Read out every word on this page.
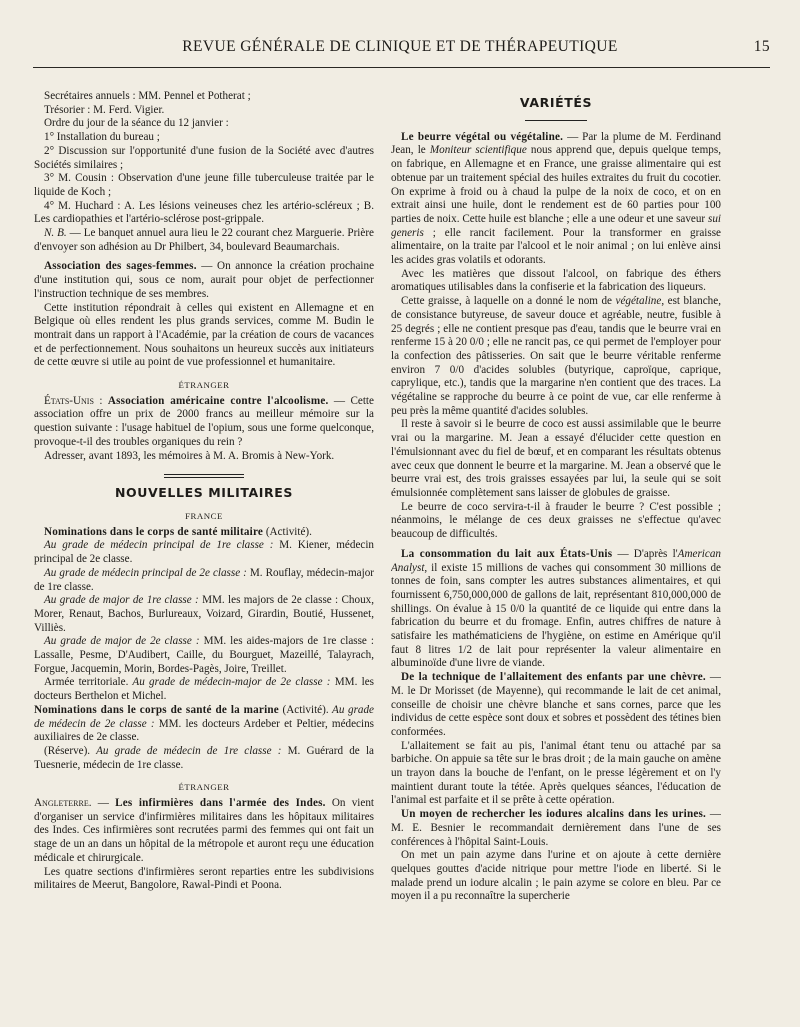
REVUE GÉNÉRALE DE CLINIQUE ET DE THÉRAPEUTIQUE	15

Secrétaires annuels : MM. Pennel et Potherat ;

Trésorier : M. Ferd. Vigier.

Ordre du jour de la séance du 12 janvier :

1° Installation du bureau ;

2° Discussion sur l'opportunité d'une fusion de la Société avec d'autres Sociétés similaires ;

3° M. Cousin : Observation d'une jeune fille tuberculeuse traitée par le liquide de Koch ;

4° M. Huchard : A. Les lésions veineuses chez les artério-scléreux ; B. Les cardiopathies et l'artério-sclérose post-grippale.

N. B. — Le banquet annuel aura lieu le 22 courant chez Marguerie. Prière d'envoyer son adhésion au Dr Philbert, 34, boulevard Beaumarchais.

Association des sages-femmes. — On annonce la création prochaine d'une institution qui, sous ce nom, aurait pour objet de perfectionner l'instruction technique de ses membres.

Cette institution répondrait à celles qui existent en Allemagne et en Belgique où elles rendent les plus grands services, comme M. Budin le montrait dans un rapport à l'Académie, par la création de cours de vacances et de perfectionnement. Nous souhaitons un heureux succès aux initiateurs de cette œuvre si utile au point de vue professionnel et humanitaire.

ÉTRANGER

États-Unis : Association américaine contre l'alcoolisme. — Cette association offre un prix de 2000 francs au meilleur mémoire sur la question suivante : l'usage habituel de l'opium, sous une forme quelconque, provoque-t-il des troubles organiques du rein ?

Adresser, avant 1893, les mémoires à M. A. Bromis à New-York.

NOUVELLES MILITAIRES
FRANCE

Nominations dans le corps de santé militaire (Activité).

Au grade de médecin principal de 1re classe : M. Kiener, médecin principal de 2e classe.

Au grade de médecin principal de 2e classe : M. Rouflay, médecin-major de 1re classe.

Au grade de major de 1re classe : MM. les majors de 2e classe : Choux, Morer, Renaut, Bachos, Burlureaux, Voizard, Girardin, Boutié, Hussenet, Villiès.

Au grade de major de 2e classe : MM. les aides-majors de 1re classe : Lassalle, Pesme, D'Audibert, Caille, du Bourguet, Mazeillé, Talayrach, Forgue, Jacquemin, Morin, Bordes-Pagès, Joire, Treillet.

Armée territoriale. Au grade de médecin-major de 2e classe : MM. les docteurs Berthelon et Michel.

Nominations dans le corps de santé de la marine (Activité). Au grade de médecin de 2e classe : MM. les docteurs Ardeber et Peltier, médecins auxiliaires de 2e classe.

(Réserve). Au grade de médecin de 1re classe : M. Guérard de la Tuesnerie, médecin de 1re classe.

ÉTRANGER

Angleterre. — Les infirmières dans l'armée des Indes. On vient d'organiser un service d'infirmières militaires dans les hôpitaux militaires des Indes. Ces infirmières sont recrutées parmi des femmes qui ont fait un stage de un an dans un hôpital de la métropole et auront reçu une éducation médicale et chirurgicale.

Les quatre sections d'infirmières seront reparties entre les subdivisions militaires de Meerut, Bangolore, Rawal-Pindi et Poona.

VARIÉTÉS

Le beurre végétal ou végétaline. — Par la plume de M. Ferdinand Jean, le Moniteur scientifique nous apprend que, depuis quelque temps, on fabrique, en Allemagne et en France, une graisse alimentaire qui est obtenue par un traitement spécial des huiles extraites du fruit du cocotier. On exprime à froid ou à chaud la pulpe de la noix de coco, et on en extrait ainsi une huile, dont le rendement est de 60 parties pour 100 parties de noix. Cette huile est blanche ; elle a une odeur et une saveur sui generis ; elle rancit facilement. Pour la transformer en graisse alimentaire, on la traite par l'alcool et le noir animal ; on lui enlève ainsi les acides gras volatils et odorants.

Avec les matières que dissout l'alcool, on fabrique des éthers aromatiques utilisables dans la confiserie et la fabrication des liqueurs.

Cette graisse, à laquelle on a donné le nom de végétaline, est blanche, de consistance butyreuse, de saveur douce et agréable, neutre, fusible à 25 degrés ; elle ne contient presque pas d'eau, tandis que le beurre vrai en renferme 15 à 20 0/0 ; elle ne rancit pas, ce qui permet de l'employer pour la confection des pâtisseries. On sait que le beurre véritable renferme environ 7 0/0 d'acides solubles (butyrique, caproïque, caprique, caprylique, etc.), tandis que la margarine n'en contient que des traces. La végétaline se rapproche du beurre à ce point de vue, car elle renferme à peu près la même quantité d'acides solubles.

Il reste à savoir si le beurre de coco est aussi assimilable que le beurre vrai ou la margarine. M. Jean a essayé d'élucider cette question en l'émulsionnant avec du fiel de bœuf, et en comparant les résultats obtenus avec ceux que donnent le beurre et la margarine. M. Jean a observé que le beurre vrai est, des trois graisses essayées par lui, la seule qui se soit émulsionnée complètement sans laisser de globules de graisse.

Le beurre de coco servira-t-il à frauder le beurre ? C'est possible ; néanmoins, le mélange de ces deux graisses ne s'effectue qu'avec beaucoup de difficultés.

La consommation du lait aux États-Unis — D'après l'American Analyst, il existe 15 millions de vaches qui consomment 30 millions de tonnes de foin, sans compter les autres substances alimentaires, et qui fournissent 6,750,000,000 de gallons de lait, représentant 810,000,000 de shillings. On évalue à 15 0/0 la quantité de ce liquide qui entre dans la fabrication du beurre et du fromage. Enfin, autres chiffres de nature à satisfaire les mathématiciens de l'hygiène, on estime en Amérique qu'il faut 8 litres 1/2 de lait pour représenter la valeur alimentaire en albuminoïde d'une livre de viande.

De la technique de l'allaitement des enfants par une chèvre. — M. le Dr Morisset (de Mayenne), qui recommande le lait de cet animal, conseille de choisir une chèvre blanche et sans cornes, parce que les individus de cette espèce sont doux et sobres et possèdent des tétines bien conformées.

L'allaitement se fait au pis, l'animal étant tenu ou attaché par sa barbiche. On appuie sa tête sur le bras droit ; de la main gauche on amène un trayon dans la bouche de l'enfant, on le presse légèrement et on l'y maintient durant toute la tétée. Après quelques séances, l'éducation de l'animal est parfaite et il se prête à cette opération.

Un moyen de rechercher les iodures alcalins dans les urines. — M. E. Besnier le recommandait dernièrement dans l'une de ses conférences à l'hôpital Saint-Louis.

On met un pain azyme dans l'urine et on ajoute à cette dernière quelques gouttes d'acide nitrique pour mettre l'iode en liberté. Si le malade prend un iodure alcalin ; le pain azyme se colore en bleu. Par ce moyen il a pu reconnaître la supercherie
